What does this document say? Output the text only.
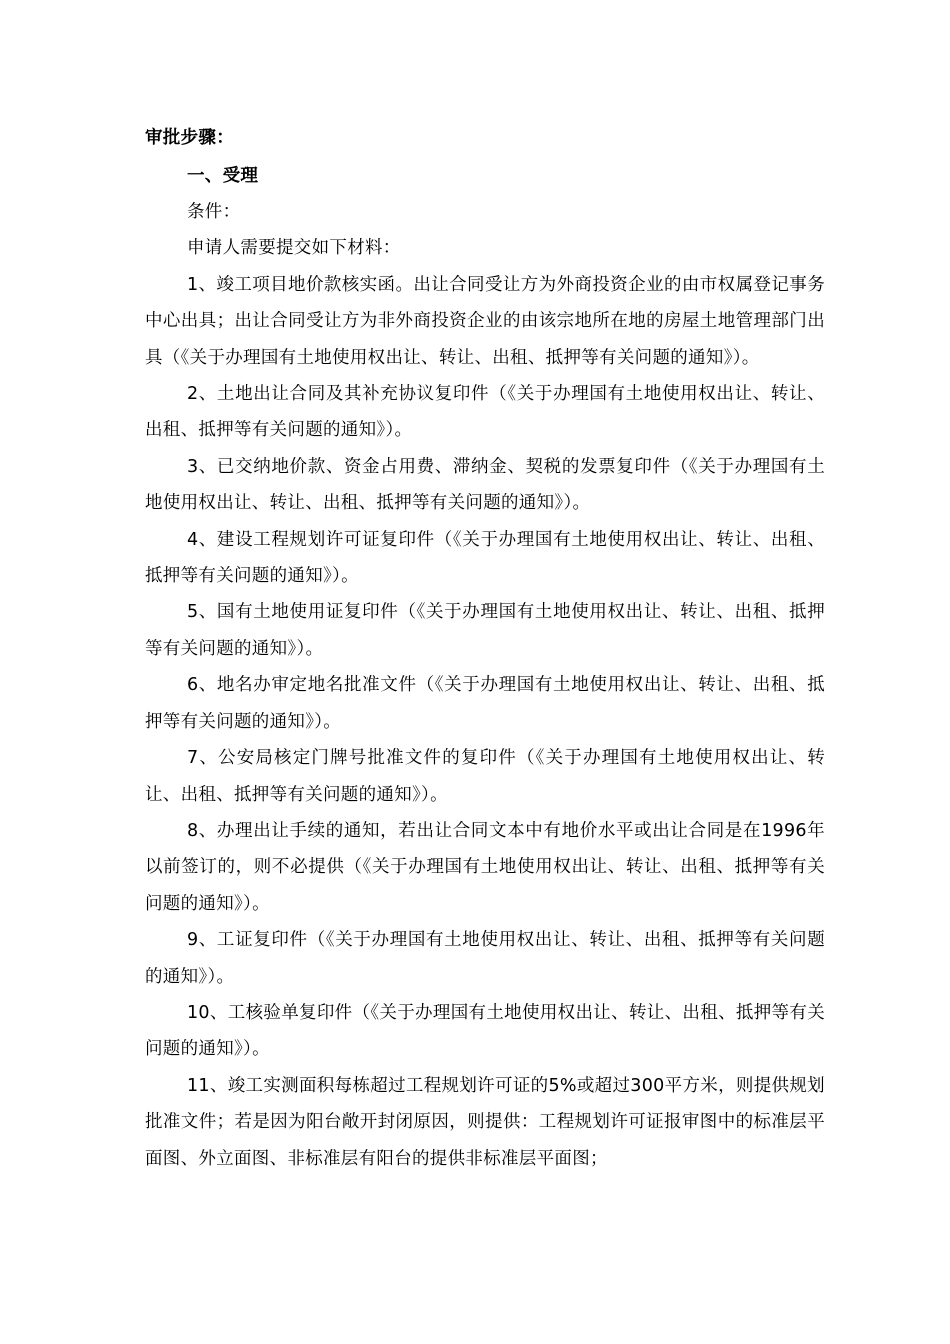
审批步骤：

一、受理

条件：

申请人需要提交如下材料：

1、竣工项目地价款核实函。出让合同受让方为外商投资企业的由市权属登记事务中心出具；出让合同受让方为非外商投资企业的由该宗地所在地的房屋土地管理部门出具（《关于办理国有土地使用权出让、转让、出租、抵押等有关问题的通知》）。

2、土地出让合同及其补充协议复印件（《关于办理国有土地使用权出让、转让、出租、抵押等有关问题的通知》）。

3、已交纳地价款、资金占用费、滞纳金、契税的发票复印件（《关于办理国有土地使用权出让、转让、出租、抵押等有关问题的通知》）。

4、建设工程规划许可证复印件（《关于办理国有土地使用权出让、转让、出租、抵押等有关问题的通知》）。

5、国有土地使用证复印件（《关于办理国有土地使用权出让、转让、出租、抵押等有关问题的通知》）。

6、地名办审定地名批准文件（《关于办理国有土地使用权出让、转让、出租、抵押等有关问题的通知》）。

7、公安局核定门牌号批准文件的复印件（《关于办理国有土地使用权出让、转让、出租、抵押等有关问题的通知》）。

8、办理出让手续的通知，若出让合同文本中有地价水平或出让合同是在1996年以前签订的，则不必提供（《关于办理国有土地使用权出让、转让、出租、抵押等有关问题的通知》）。

9、工证复印件（《关于办理国有土地使用权出让、转让、出租、抵押等有关问题的通知》）。

10、工核验单复印件（《关于办理国有土地使用权出让、转让、出租、抵押等有关问题的通知》）。

11、竣工实测面积每栋超过工程规划许可证的5%或超过300平方米，则提供规划批准文件；若是因为阳台敞开封闭原因，则提供：工程规划许可证报审图中的标准层平面图、外立面图、非标准层有阳台的提供非标准层平面图；
